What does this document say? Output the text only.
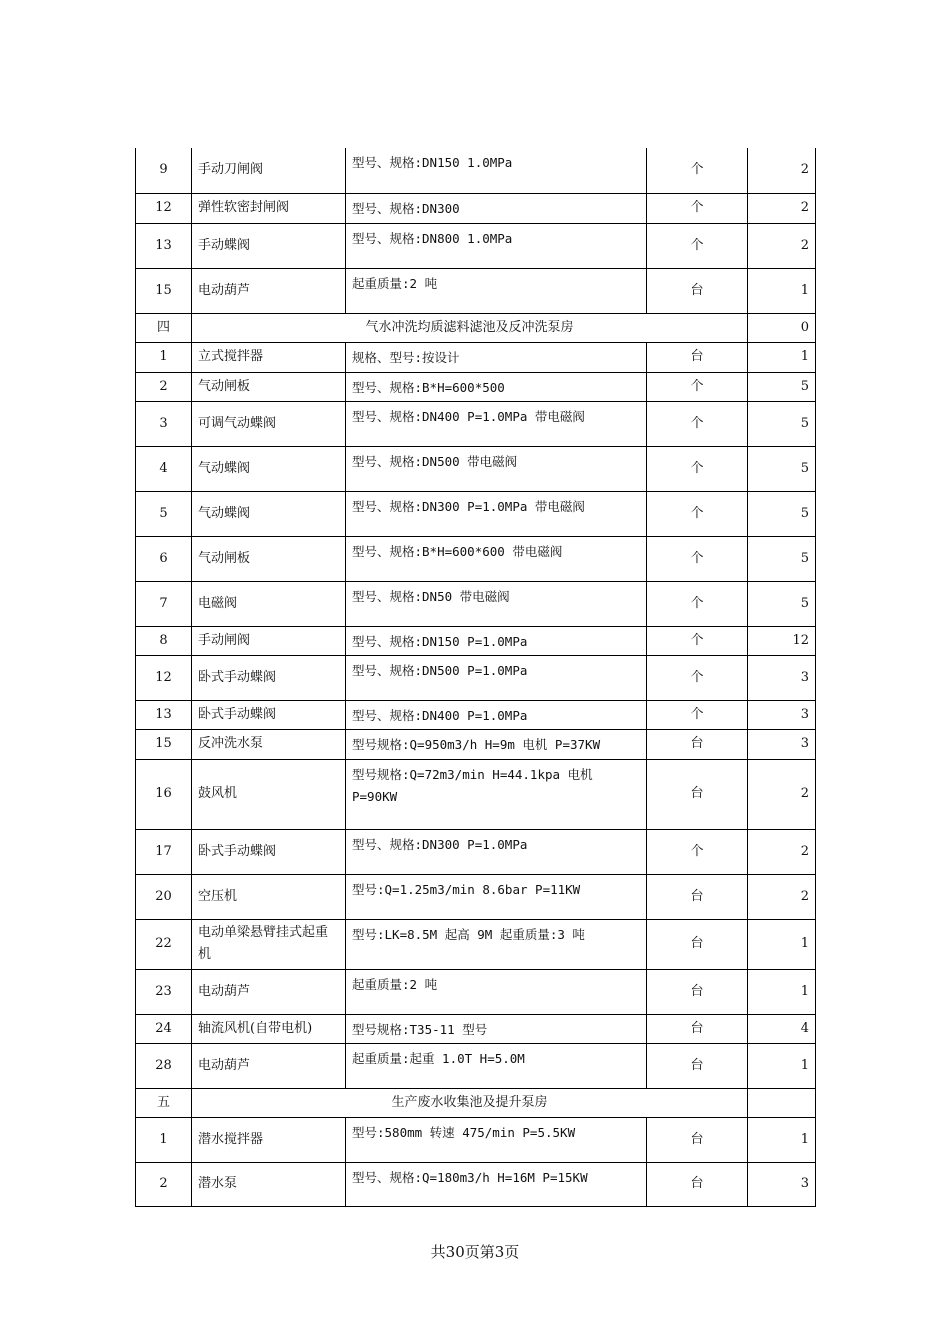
9	手动刀闸阀	型号、规格:DN150 1.0MPa	个	2
12	弹性软密封闸阀	型号、规格:DN300	个	2
13	手动蝶阀	型号、规格:DN800 1.0MPa	个	2
15	电动葫芦	起重质量:2 吨	台	1
四	气水冲洗均质滤料滤池及反冲洗泵房			0
1	立式搅拌器	规格、型号:按设计	台	1
2	气动闸板	型号、规格:B*H=600*500	个	5
3	可调气动蝶阀	型号、规格:DN400 P=1.0MPa 带电磁阀	个	5
4	气动蝶阀	型号、规格:DN500 带电磁阀	个	5
5	气动蝶阀	型号、规格:DN300 P=1.0MPa 带电磁阀	个	5
6	气动闸板	型号、规格:B*H=600*600 带电磁阀	个	5
7	电磁阀	型号、规格:DN50 带电磁阀	个	5
8	手动闸阀	型号、规格:DN150 P=1.0MPa	个	12
12	卧式手动蝶阀	型号、规格:DN500 P=1.0MPa	个	3
13	卧式手动蝶阀	型号、规格:DN400 P=1.0MPa	个	3
15	反冲洗水泵	型号规格:Q=950m3/h H=9m 电机 P=37KW	台	3
16	鼓风机	型号规格:Q=72m3/min H=44.1kpa 电机 P=90KW	台	2
17	卧式手动蝶阀	型号、规格:DN300 P=1.0MPa	个	2
20	空压机	型号:Q=1.25m3/min 8.6bar P=11KW	台	2
22	电动单梁悬臂挂式起重机	型号:LK=8.5M 起高 9M 起重质量:3 吨	台	1
23	电动葫芦	起重质量:2 吨	台	1
24	轴流风机(自带电机)	型号规格:T35-11 型号	台	4
28	电动葫芦	起重质量:起重 1.0T H=5.0M	台	1
五	生产废水收集池及提升泵房			
1	潜水搅拌器	型号:580mm 转速 475/min P=5.5KW	台	1
2	潜水泵	型号、规格:Q=180m3/h H=16M P=15KW	台	3
共30页第3页
